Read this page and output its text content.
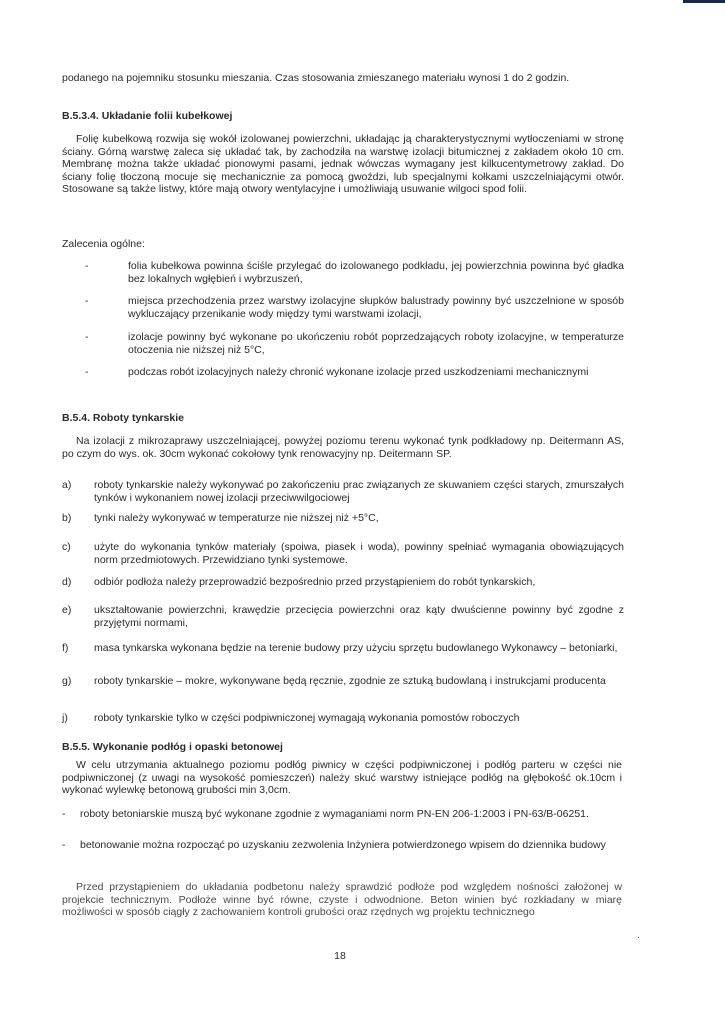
podanego na pojemniku stosunku mieszania. Czas stosowania zmieszanego materiału wynosi 1 do 2 godzin.

B.5.3.4. Układanie folii kubełkowej

Folię kubełkową rozwija się wokół izolowanej powierzchni, układając ją charakterystycznymi wytłoczeniami w stronę ściany. Górną warstwę zaleca się układać tak, by zachodziła na warstwę izolacji bitumicznej z zakładem około 10 cm. Membranę można także układać pionowymi pasami, jednak wówczas wymagany jest kilkucentymetrowy zakład. Do ściany folię tłoczoną mocuje się mechanicznie za pomocą gwoździ, lub specjalnymi kołkami uszczelniającymi otwór. Stosowane są także listwy, które mają otwory wentylacyjne i umożliwiają usuwanie wilgoci spod folii.

Zalecenia ogólne:

-	folia kubełkowa powinna ściśle przylegać do izolowanego podkładu, jej powierzchnia powinna być gładka bez lokalnych wgłębień i wybrzuszeń,

-	miejsca przechodzenia przez warstwy izolacyjne słupków balustrady powinny być uszczelnione w sposób wykluczający przenikanie wody między tymi warstwami izolacji,

-	izolacje powinny być wykonane po ukończeniu robót poprzedzających roboty izolacyjne, w temperaturze otoczenia nie niższej niż 5°C,

-	podczas robót izolacyjnych należy chronić wykonane izolacje przed uszkodzeniami mechanicznymi

B.5.4. Roboty tynkarskie

Na izolacji z mikrozaprawy uszczelniającej, powyżej poziomu terenu wykonać tynk podkładowy np. Deitermann AS, po czym do wys. ok. 30cm wykonać cokołowy tynk renowacyjny np. Deitermann SP.

a) roboty tynkarskie należy wykonywać po zakończeniu prac związanych ze skuwaniem części starych, zmurszałych tynków i wykonaniem nowej izolacji przeciwwilgociowej

b) tynki należy wykonywać w temperaturze nie niższej niż +5°C,

c) użyte do wykonania tynków materiały (spoiwa, piasek i woda), powinny spełniać wymagania obowiązujących norm przedmiotowych. Przewidziano tynki systemowe.

d) odbiór podłoża należy przeprowadzić bezpośrednio przed przystąpieniem do robót tynkarskich,

e) ukształtowanie powierzchni, krawędzie przecięcia powierzchni oraz kąty dwuścienne powinny być zgodne z przyjętymi normami,

f) masa tynkarska wykonana będzie na terenie budowy przy użyciu sprzętu budowlanego Wykonawcy – betoniarki,

g) roboty tynkarskie – mokre, wykonywane będą ręcznie, zgodnie ze sztuką budowlaną i instrukcjami producenta

j) roboty tynkarskie tylko w części podpiwniczonej wymagają wykonania pomostów roboczych

B.5.5. Wykonanie podłóg i opaski betonowej

W celu utrzymania aktualnego poziomu podłóg piwnicy w części podpiwniczonej i podłóg parteru w części nie podpiwniczonej (z uwagi na wysokość pomieszczeń) należy skuć warstwy istniejące podłóg na głębokość ok.10cm i wykonać wylewkę betonową grubości min 3,0cm.

- roboty betoniarskie muszą być wykonane zgodnie z wymaganiami norm PN-EN 206-1:2003 i PN-63/B-06251.

- betonowanie można rozpocząć po uzyskaniu zezwolenia Inżyniera potwierdzonego wpisem do dziennika budowy

Przed przystąpieniem do układania podbetonu należy sprawdzić podłoże pod względem nośności założonej w projekcie technicznym. Podłoże winne być równe, czyste i odwodnione. Beton winien być rozkładany w miarę możliwości w sposób ciągły z zachowaniem kontroli grubości oraz rzędnych wg projektu technicznego

.

18
